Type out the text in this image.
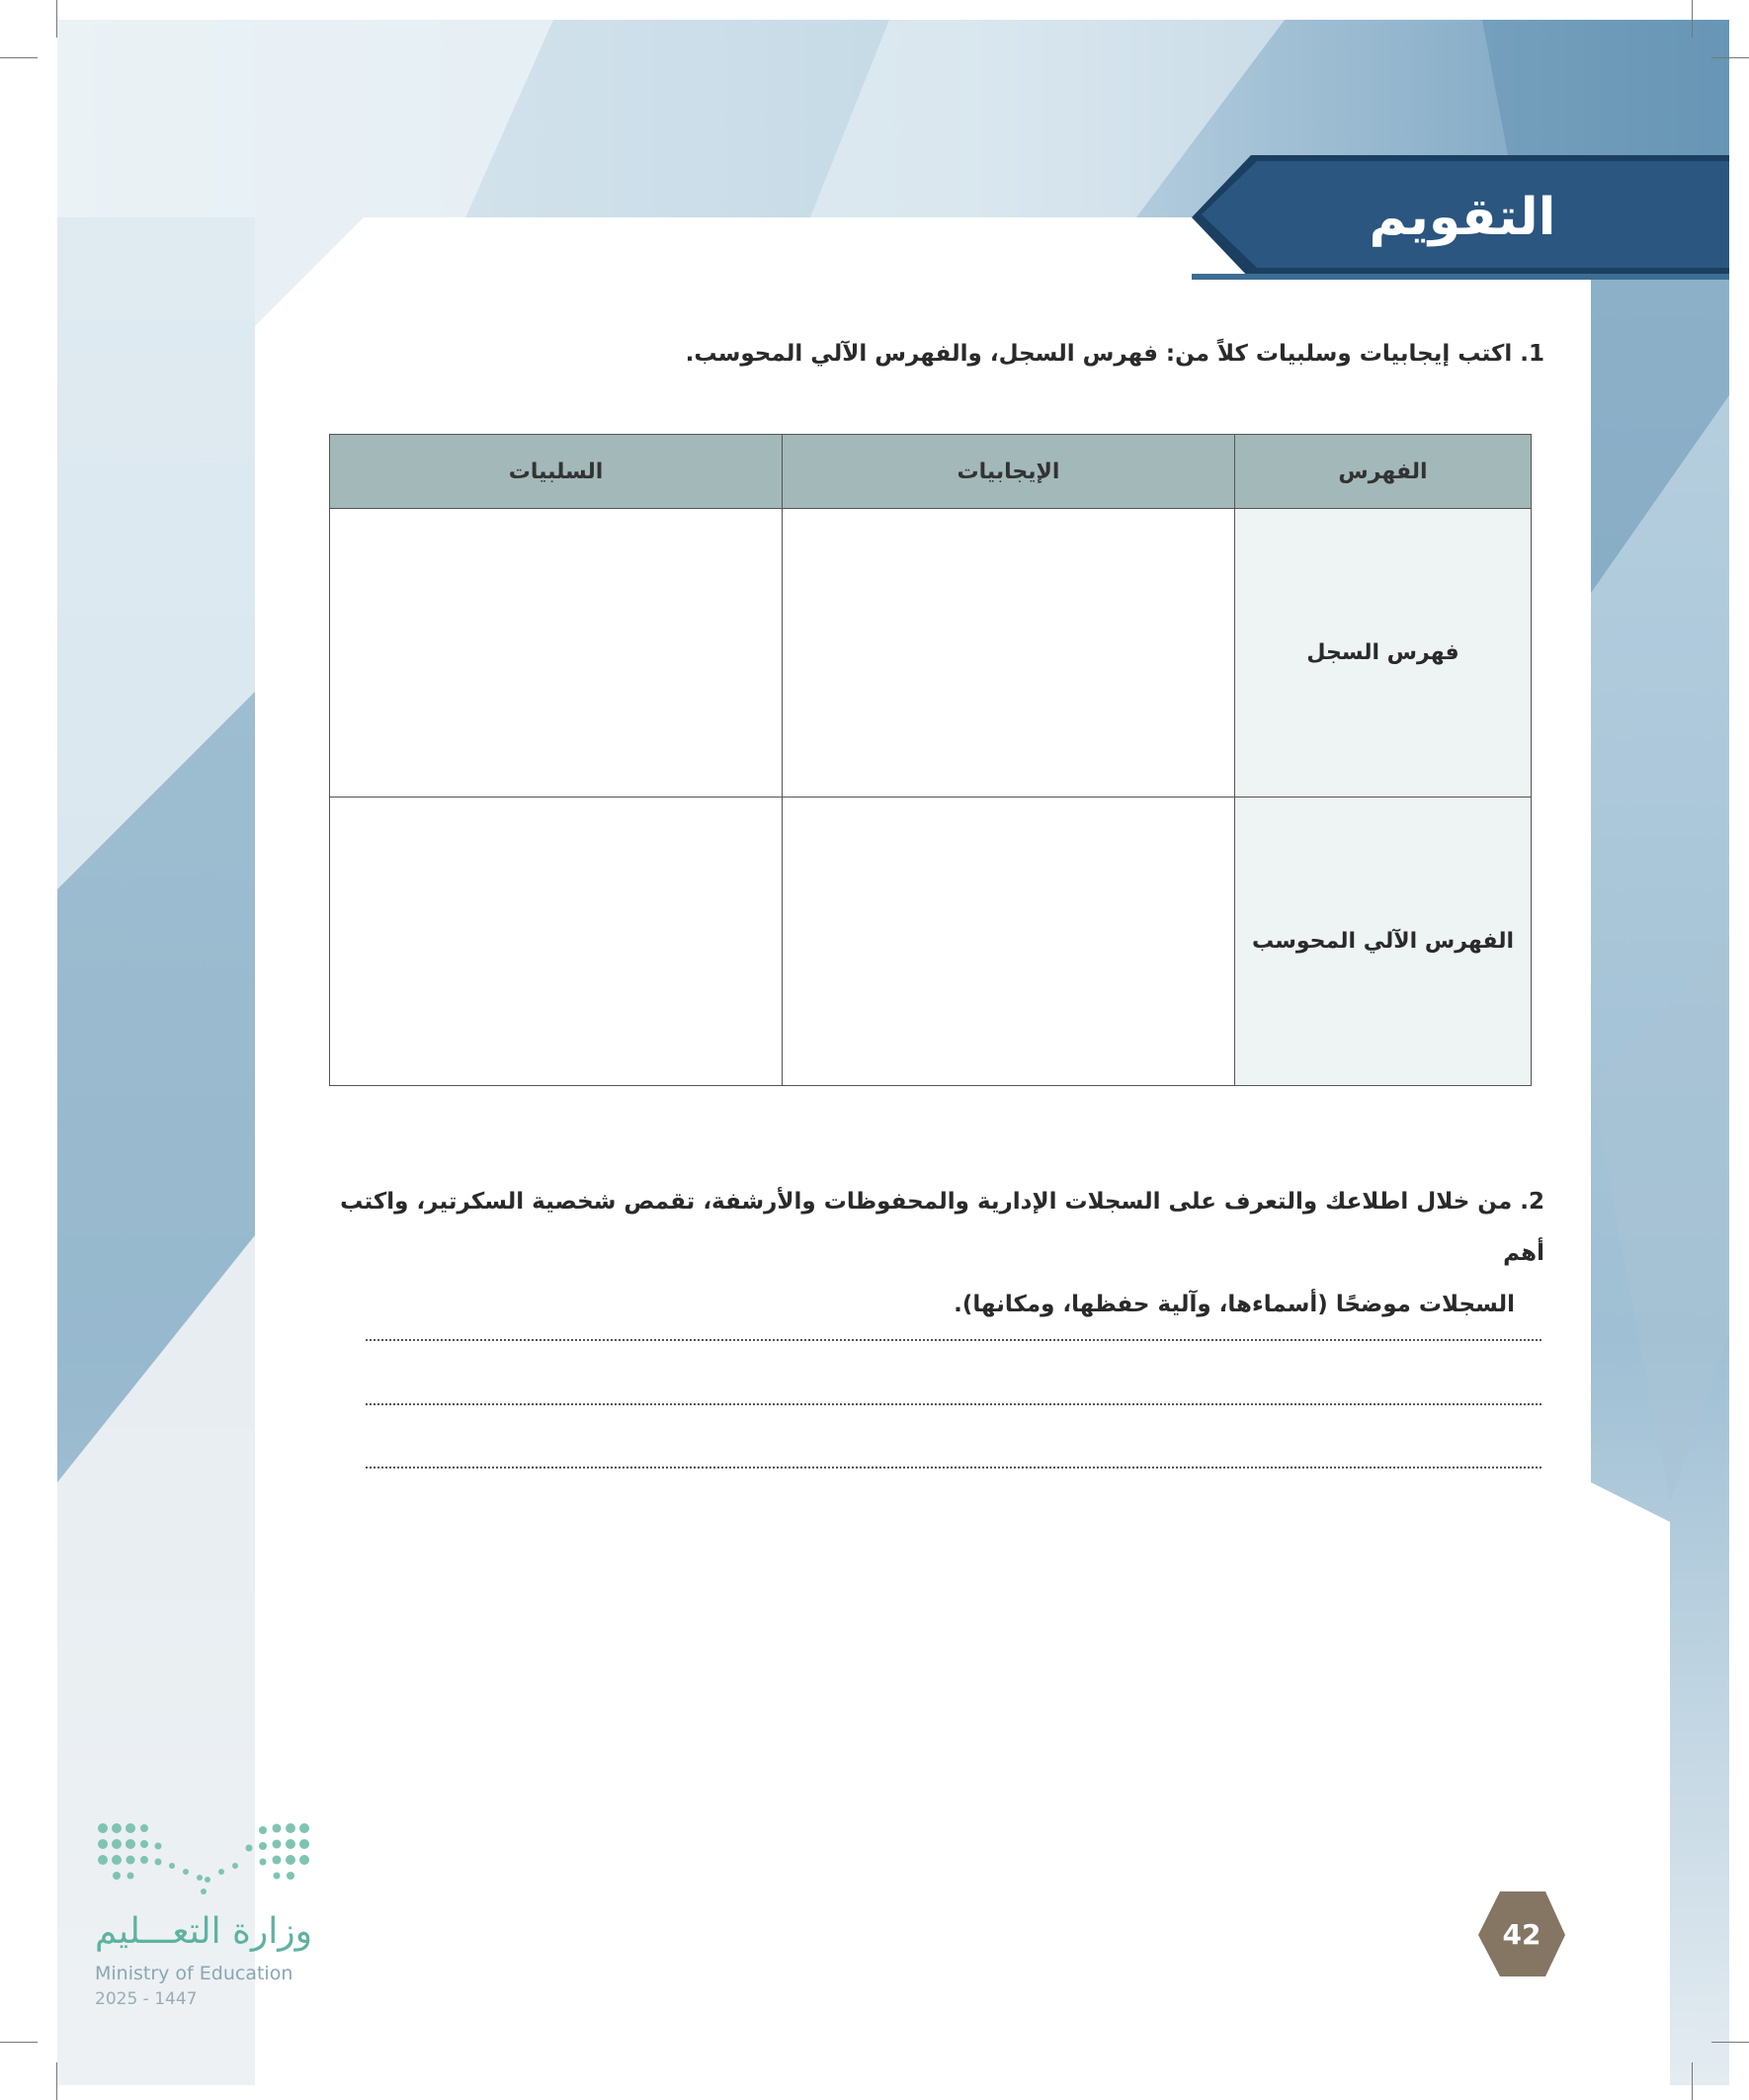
التقويم
1. اكتب إيجابيات وسلبيات كلاً من: فهرس السجل، والفهرس الآلي المحوسب.
الفهرس	الإيجابيات	السلبيات
فهرس السجل		
الفهرس الآلي المحوسب		
2. من خلال اطلاعك والتعرف على السجلات الإدارية والمحفوظات والأرشفة، تقمص شخصية السكرتير، واكتب أهم
السجلات موضحًا (أسماءها، وآلية حفظها، ومكانها).
42
وزارة التعـــليم
Ministry of Education
2025 - 1447
